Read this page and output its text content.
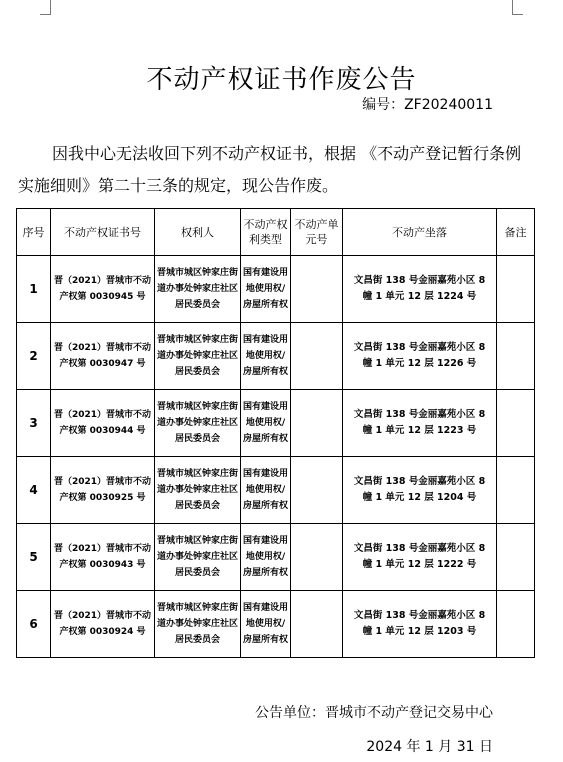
不动产权证书作废公告
编号：ZF20240011

因我中心无法收回下列不动产权证书，根据 《不动产登记暂行条例实施细则》第二十三条的规定，现公告作废。

序号	不动产权证书号	权利人	不动产权利类型	不动产单元号	不动产坐落	备注
1	晋（2021）晋城市不动产权第 0030945 号	晋城市城区钟家庄街道办事处钟家庄社区居民委员会	国有建设用地使用权/房屋所有权		文昌街 138 号金丽嘉苑小区 8 幢 1 单元 12 层 1224 号	
2	晋（2021）晋城市不动产权第 0030947 号	晋城市城区钟家庄街道办事处钟家庄社区居民委员会	国有建设用地使用权/房屋所有权		文昌街 138 号金丽嘉苑小区 8 幢 1 单元 12 层 1226 号	
3	晋（2021）晋城市不动产权第 0030944 号	晋城市城区钟家庄街道办事处钟家庄社区居民委员会	国有建设用地使用权/房屋所有权		文昌街 138 号金丽嘉苑小区 8 幢 1 单元 12 层 1223 号	
4	晋（2021）晋城市不动产权第 0030925 号	晋城市城区钟家庄街道办事处钟家庄社区居民委员会	国有建设用地使用权/房屋所有权		文昌街 138 号金丽嘉苑小区 8 幢 1 单元 12 层 1204 号	
5	晋（2021）晋城市不动产权第 0030943 号	晋城市城区钟家庄街道办事处钟家庄社区居民委员会	国有建设用地使用权/房屋所有权		文昌街 138 号金丽嘉苑小区 8 幢 1 单元 12 层 1222 号	
6	晋（2021）晋城市不动产权第 0030924 号	晋城市城区钟家庄街道办事处钟家庄社区居民委员会	国有建设用地使用权/房屋所有权		文昌街 138 号金丽嘉苑小区 8 幢 1 单元 12 层 1203 号	
公告单位：晋城市不动产登记交易中心
2024 年 1 月 31 日
